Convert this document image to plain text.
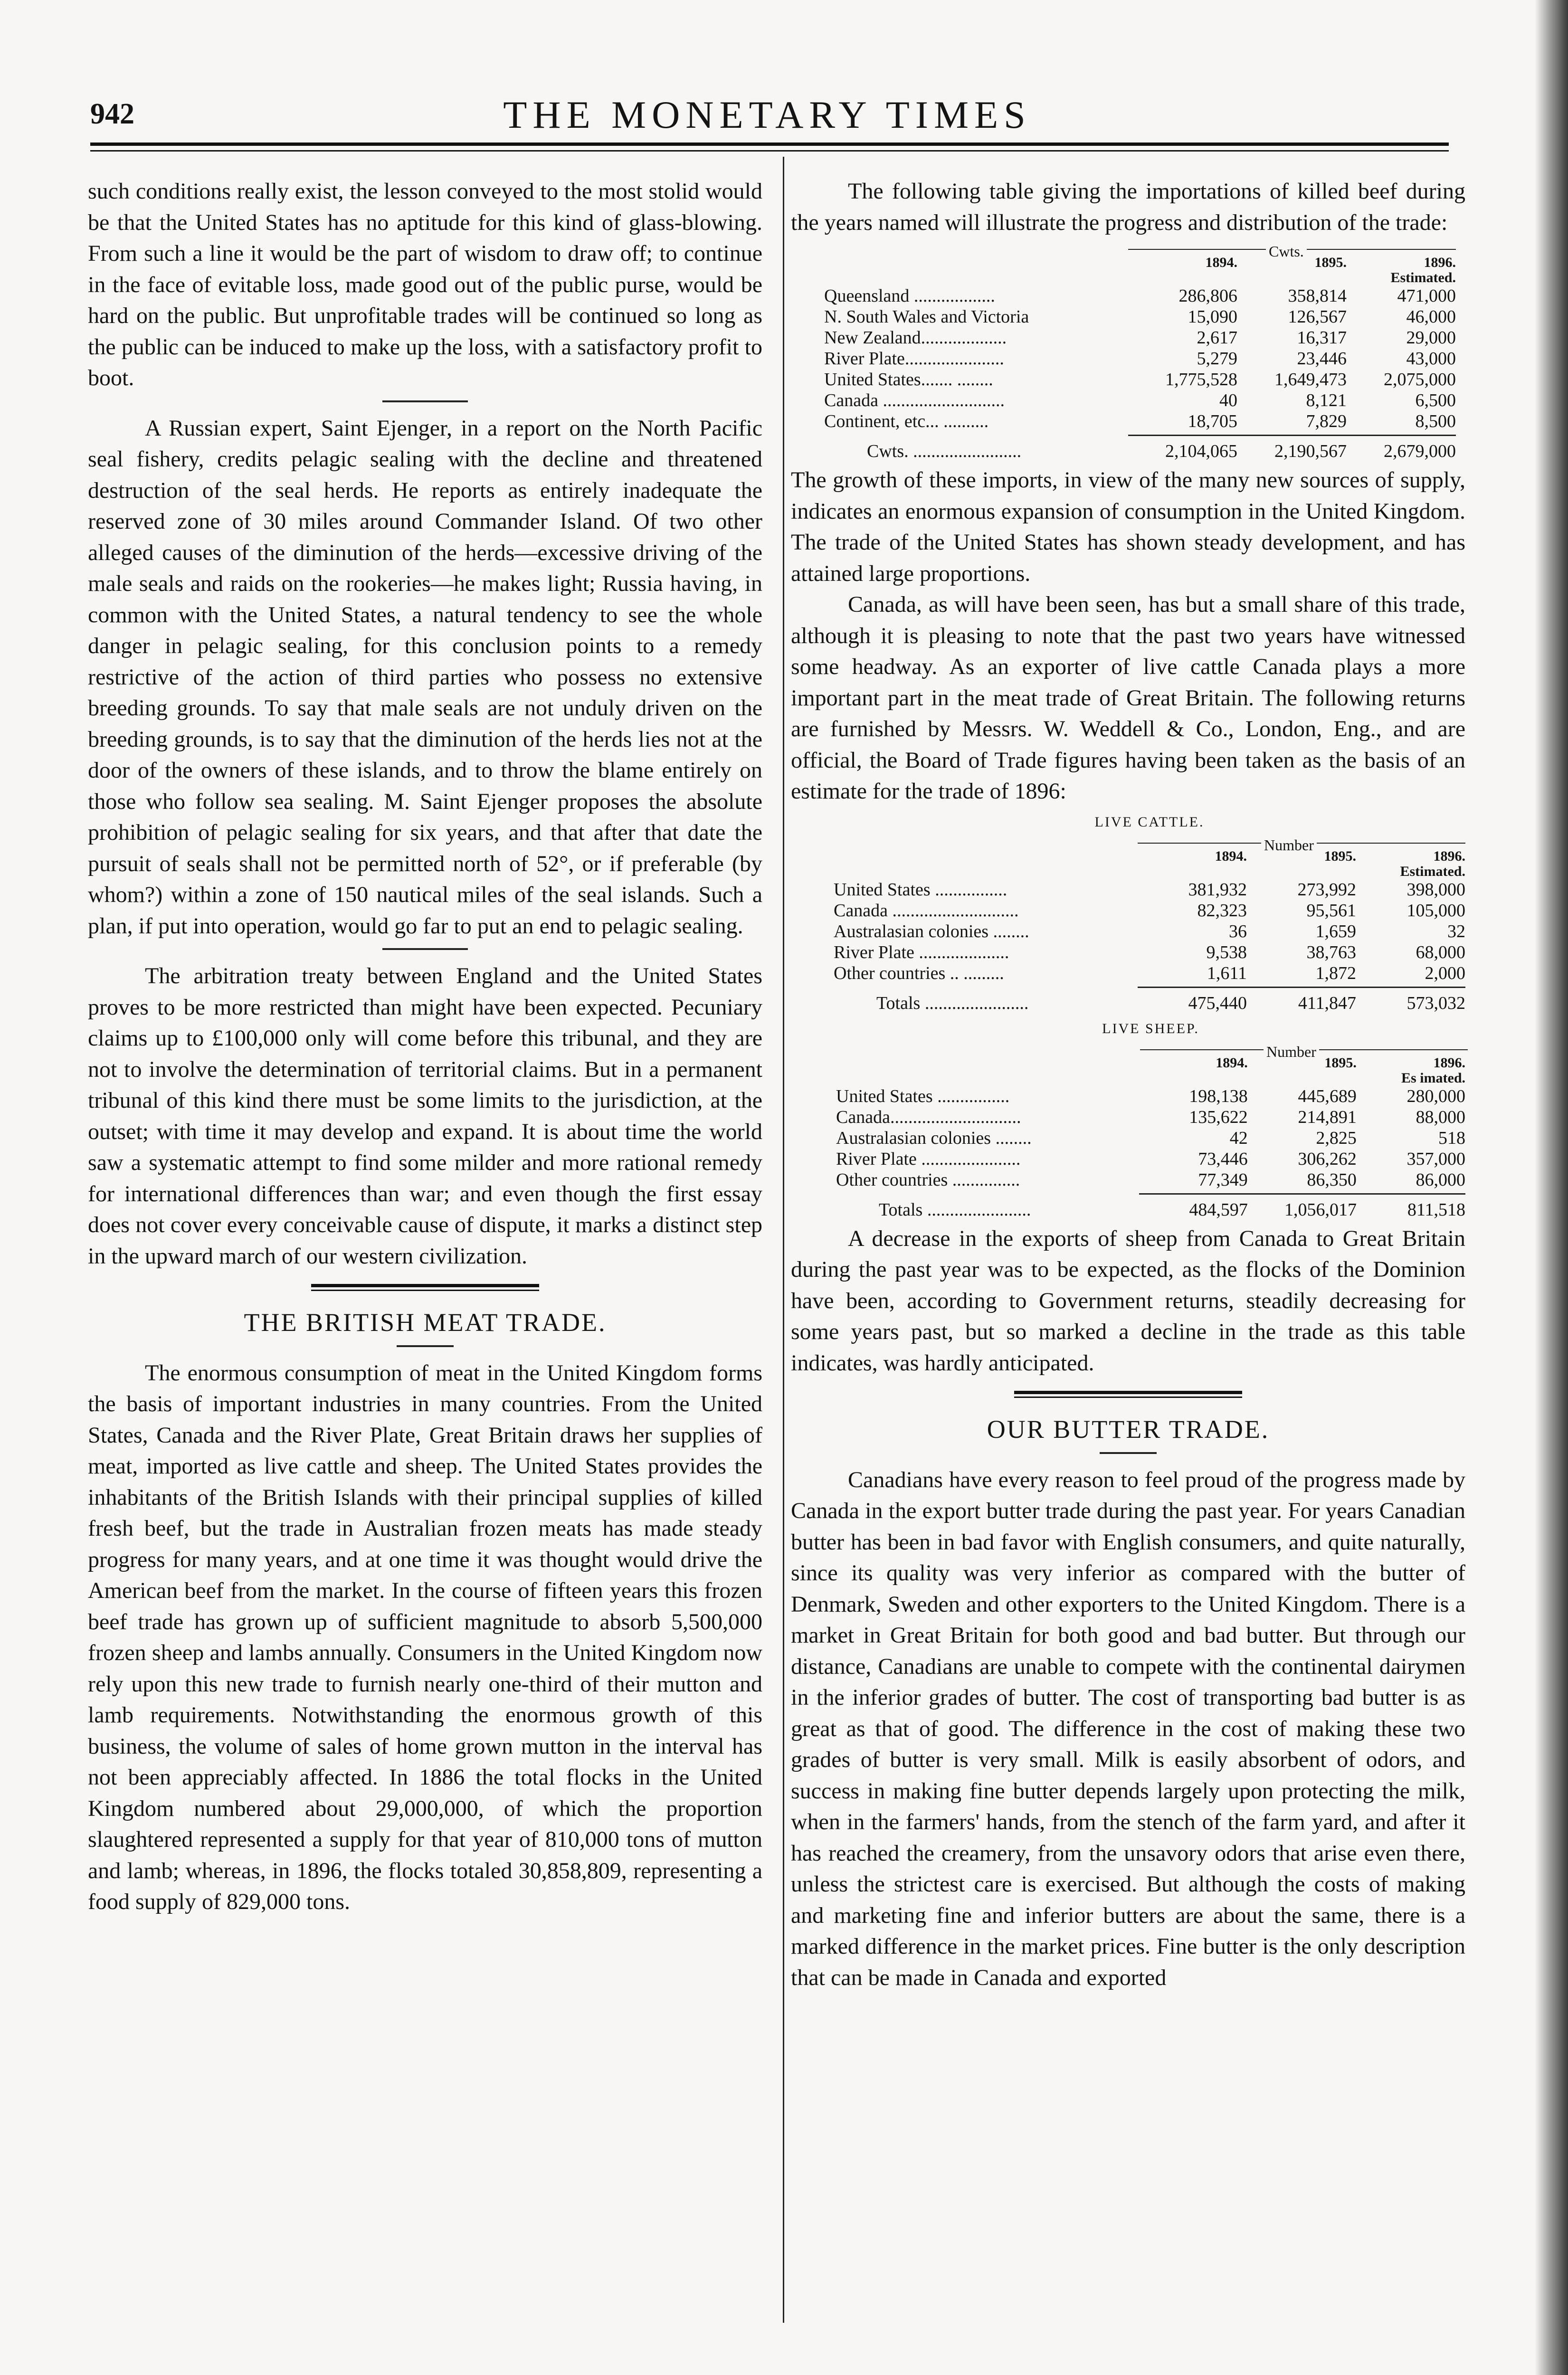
942	THE MONETARY TIMES

such conditions really exist, the lesson conveyed to the most stolid would be that the United States has no aptitude for this kind of glass-blowing. From such a line it would be the part of wisdom to draw off; to continue in the face of evitable loss, made good out of the public purse, would be hard on the public. But unprofitable trades will be continued so long as the public can be induced to make up the loss, with a satisfactory profit to boot.

A Russian expert, Saint Ejenger, in a report on the North Pacific seal fishery, credits pelagic sealing with the decline and threatened destruction of the seal herds. He reports as entirely inadequate the reserved zone of 30 miles around Commander Island. Of two other alleged causes of the diminution of the herds—excessive driving of the male seals and raids on the rookeries—he makes light; Russia having, in common with the United States, a natural tendency to see the whole danger in pelagic sealing, for this conclusion points to a remedy restrictive of the action of third parties who possess no extensive breeding grounds. To say that male seals are not unduly driven on the breeding grounds, is to say that the diminution of the herds lies not at the door of the owners of these islands, and to throw the blame entirely on those who follow sea sealing. M. Saint Ejenger proposes the absolute prohibition of pelagic sealing for six years, and that after that date the pursuit of seals shall not be permitted north of 52°, or if preferable (by whom?) within a zone of 150 nautical miles of the seal islands. Such a plan, if put into operation, would go far to put an end to pelagic sealing.

The arbitration treaty between England and the United States proves to be more restricted than might have been expected. Pecuniary claims up to £100,000 only will come before this tribunal, and they are not to involve the determination of territorial claims. But in a permanent tribunal of this kind there must be some limits to the jurisdiction, at the outset; with time it may develop and expand. It is about time the world saw a systematic attempt to find some milder and more rational remedy for international differences than war; and even though the first essay does not cover every conceivable cause of dispute, it marks a distinct step in the upward march of our western civilization.

THE BRITISH MEAT TRADE.

The enormous consumption of meat in the United Kingdom forms the basis of important industries in many countries. From the United States, Canada and the River Plate, Great Britain draws her supplies of meat, imported as live cattle and sheep. The United States provides the inhabitants of the British Islands with their principal supplies of killed fresh beef, but the trade in Australian frozen meats has made steady progress for many years, and at one time it was thought would drive the American beef from the market. In the course of fifteen years this frozen beef trade has grown up of sufficient magnitude to absorb 5,500,000 frozen sheep and lambs annually. Consumers in the United Kingdom now rely upon this new trade to furnish nearly one-third of their mutton and lamb requirements. Notwithstanding the enormous growth of this business, the volume of sales of home grown mutton in the interval has not been appreciably affected. In 1886 the total flocks in the United Kingdom numbered about 29,000,000, of which the proportion slaughtered represented a supply for that year of 810,000 tons of mutton and lamb; whereas, in 1896, the flocks totaled 30,858,809, representing a food supply of 829,000 tons.

The following table giving the importations of killed beef during the years named will illustrate the progress and distribution of the trade:

Cwts.
1894.	1895.	1896.
Estimated.
Queensland ..................	286,806	358,814	471,000
N. South Wales and Victoria	15,090	126,567	46,000
New Zealand...................	2,617	16,317	29,000
River Plate......................	5,279	23,446	43,000
United States....... ........	1,775,528	1,649,473	2,075,000
Canada ...........................	40	8,121	6,500
Continent, etc... ..........	18,705	7,829	8,500
Cwts. ........................	2,104,065	2,190,567	2,679,000

The growth of these imports, in view of the many new sources of supply, indicates an enormous expansion of consumption in the United Kingdom. The trade of the United States has shown steady development, and has attained large proportions.

Canada, as will have been seen, has but a small share of this trade, although it is pleasing to note that the past two years have witnessed some headway. As an exporter of live cattle Canada plays a more important part in the meat trade of Great Britain. The following returns are furnished by Messrs. W. Weddell & Co., London, Eng., and are official, the Board of Trade figures having been taken as the basis of an estimate for the trade of 1896:

LIVE CATTLE.
Number
1894.	1895.	1896.
Estimated.
United States ................	381,932	273,992	398,000
Canada ............................	82,323	95,561	105,000
Australasian colonies ........	36	1,659	32
River Plate ....................	9,538	38,763	68,000
Other countries .. .........	1,611	1,872	2,000
Totals .......................	475,440	411,847	573,032
LIVE SHEEP.
Number
1894.	1895.	1896.
Es imated.
United States ................	198,138	445,689	280,000
Canada.............................	135,622	214,891	88,000
Australasian colonies ........	42	2,825	518
River Plate ......................	73,446	306,262	357,000
Other countries ...............	77,349	86,350	86,000
Totals .......................	484,597	1,056,017	811,518

A decrease in the exports of sheep from Canada to Great Britain during the past year was to be expected, as the flocks of the Dominion have been, according to Government returns, steadily decreasing for some years past, but so marked a decline in the trade as this table indicates, was hardly anticipated.

OUR BUTTER TRADE.

Canadians have every reason to feel proud of the progress made by Canada in the export butter trade during the past year. For years Canadian butter has been in bad favor with English consumers, and quite naturally, since its quality was very inferior as compared with the butter of Denmark, Sweden and other exporters to the United Kingdom. There is a market in Great Britain for both good and bad butter. But through our distance, Canadians are unable to compete with the continental dairymen in the inferior grades of butter. The cost of transporting bad butter is as great as that of good. The difference in the cost of making these two grades of butter is very small. Milk is easily absorbent of odors, and success in making fine butter depends largely upon protecting the milk, when in the farmers' hands, from the stench of the farm yard, and after it has reached the creamery, from the unsavory odors that arise even there, unless the strictest care is exercised. But although the costs of making and marketing fine and inferior butters are about the same, there is a marked difference in the market prices. Fine butter is the only description that can be made in Canada and exported
